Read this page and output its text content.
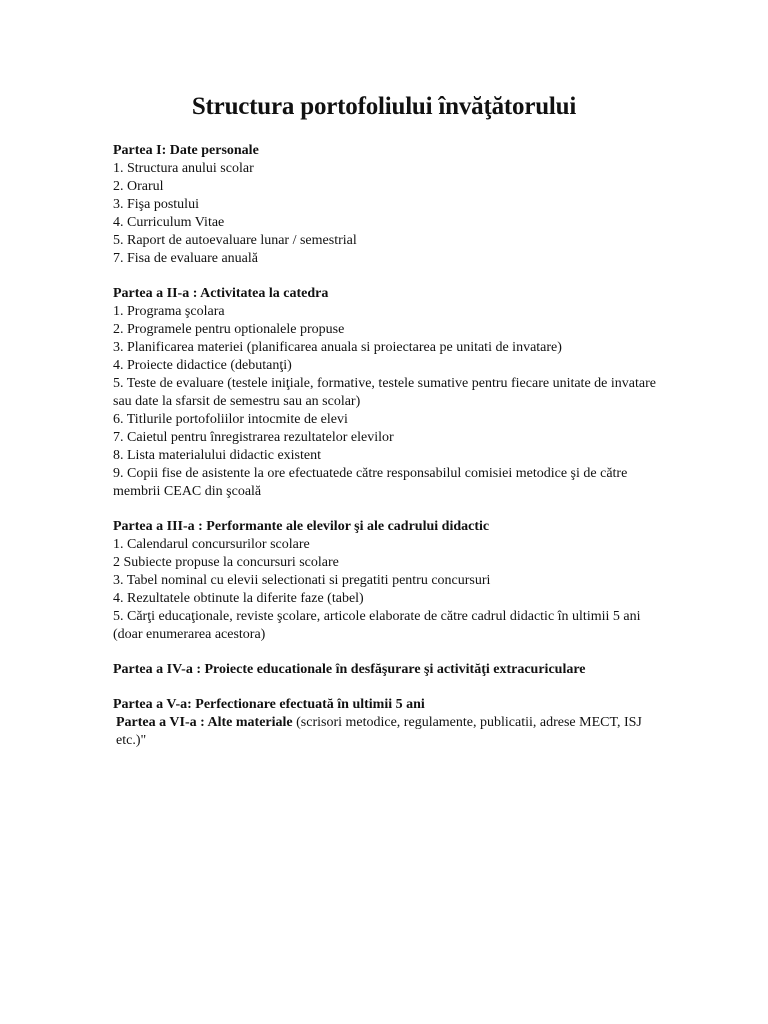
Structura portofoliului învăţătorului

Partea I: Date personale

1. Structura anului scolar
2. Orarul
3. Fişa postului
4. Curriculum Vitae
5. Raport de autoevaluare lunar / semestrial
7. Fisa de evaluare anuală

Partea a II-a : Activitatea la catedra

1. Programa şcolara
2. Programele pentru optionalele propuse
3. Planificarea materiei (planificarea anuala si proiectarea pe unitati de invatare)
4. Proiecte didactice (debutanţi)
5. Teste de evaluare (testele iniţiale, formative, testele sumative pentru fiecare unitate de invatare sau date la sfarsit de semestru sau an scolar)
6. Titlurile portofoliilor intocmite de elevi
7. Caietul pentru înregistrarea rezultatelor elevilor
8. Lista materialului didactic existent
9. Copii fise de asistente la ore efectuatede către responsabilul comisiei metodice şi de către membrii CEAC din şcoală

Partea a III-a : Performante ale elevilor şi ale cadrului didactic

1. Calendarul concursurilor scolare
2 Subiecte propuse la concursuri scolare
3. Tabel nominal cu elevii selectionati si pregatiti pentru concursuri
4. Rezultatele obtinute la diferite faze (tabel)
5. Cărţi educaţionale, reviste şcolare, articole elaborate de către cadrul didactic în ultimii 5 ani (doar enumerarea acestora)

Partea a IV-a : Proiecte educationale în desfăşurare şi activităţi extracuriculare

Partea a V-a: Perfectionare efectuată în ultimii 5 ani

Partea a VI-a : Alte materiale (scrisori metodice, regulamente, publicatii, adrese MECT, ISJ etc.)"
